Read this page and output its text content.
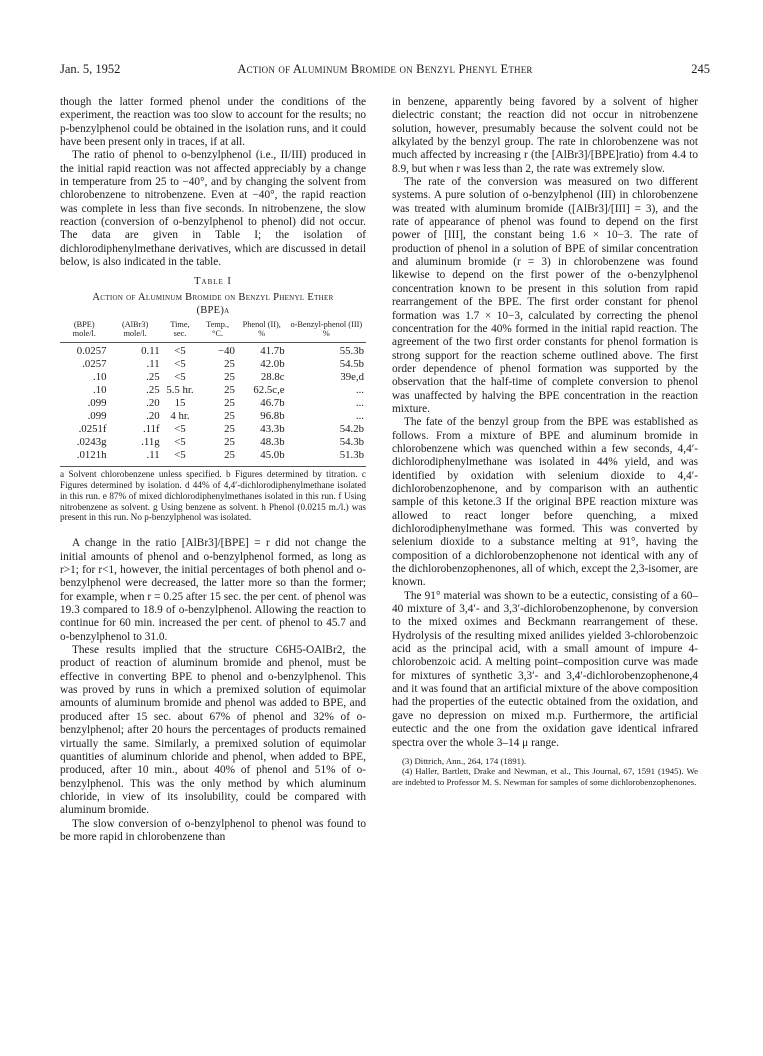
Jan. 5, 1952	Action of Aluminum Bromide on Benzyl Phenyl Ether	245

though the latter formed phenol under the conditions of the experiment, the reaction was too slow to account for the results; no p-benzylphenol could be obtained in the isolation runs, and it could have been present only in traces, if at all.

The ratio of phenol to o-benzylphenol (i.e., II/III) produced in the initial rapid reaction was not affected appreciably by a change in temperature from 25 to −40°, and by changing the solvent from chlorobenzene to nitrobenzene. Even at −40°, the rapid reaction was complete in less than five seconds. In nitrobenzene, the slow reaction (conversion of o-benzylphenol to phenol) did not occur. The data are given in Table I; the isolation of dichlorodiphenylmethane derivatives, which are discussed in detail below, is also indicated in the table.

Table I
Action of Aluminum Bromide on Benzyl Phenyl Ether
(BPE)a
(BPE) mole/l.	(AlBr3) mole/l.	Time, sec.	Temp., °C.	Phenol (II), %	o-Benzyl-phenol (III) %
0.0257	0.11	<5	−40	41.7b	55.3b
.0257	.11	<5	25	42.0b	54.5b
.10	.25	<5	25	28.8c	39e,d
.10	.25	5.5 hr.	25	62.5c,e	...
.099	.20	15	25	46.7b	...
.099	.20	4 hr.	25	96.8b	...
.0251f	.11f	<5	25	43.3b	54.2b
.0243g	.11g	<5	25	48.3b	54.3b
.0121h	.11	<5	25	45.0b	51.3b
a Solvent chlorobenzene unless specified. b Figures determined by titration. c Figures determined by isolation. d 44% of 4,4′-dichlorodiphenylmethane isolated in this run. e 87% of mixed dichlorodiphenylmethanes isolated in this run. f Using nitrobenzene as solvent. g Using benzene as solvent. h Phenol (0.0215 m./l.) was present in this run. No p-benzylphenol was isolated.

A change in the ratio [AlBr3]/[BPE] = r did not change the initial amounts of phenol and o-benzylphenol formed, as long as r>1; for r<1, however, the initial percentages of both phenol and o-benzylphenol were decreased, the latter more so than the former; for example, when r = 0.25 after 15 sec. the per cent. of phenol was 19.3 compared to 18.9 of o-benzylphenol. Allowing the reaction to continue for 60 min. increased the per cent. of phenol to 45.7 and o-benzylphenol to 31.0.

These results implied that the structure C6H5-OAlBr2, the product of reaction of aluminum bromide and phenol, must be effective in converting BPE to phenol and o-benzylphenol. This was proved by runs in which a premixed solution of equimolar amounts of aluminum bromide and phenol was added to BPE, and produced after 15 sec. about 67% of phenol and 32% of o-benzylphenol; after 20 hours the percentages of products remained virtually the same. Similarly, a premixed solution of equimolar quantities of aluminum chloride and phenol, when added to BPE, produced, after 10 min., about 40% of phenol and 51% of o-benzylphenol. This was the only method by which aluminum chloride, in view of its insolubility, could be compared with aluminum bromide.

The slow conversion of o-benzylphenol to phenol was found to be more rapid in chlorobenzene than

in benzene, apparently being favored by a solvent of higher dielectric constant; the reaction did not occur in nitrobenzene solution, however, presumably because the solvent could not be alkylated by the benzyl group. The rate in chlorobenzene was not much affected by increasing r (the [AlBr3]/[BPE]ratio) from 4.4 to 8.9, but when r was less than 2, the rate was extremely slow.

The rate of the conversion was measured on two different systems. A pure solution of o-benzylphenol (III) in chlorobenzene was treated with aluminum bromide ([AlBr3]/[III] = 3), and the rate of appearance of phenol was found to depend on the first power of [III], the constant being 1.6 × 10−3. The rate of production of phenol in a solution of BPE of similar concentration and aluminum bromide (r = 3) in chlorobenzene was found likewise to depend on the first power of the o-benzylphenol concentration known to be present in this solution from rapid rearrangement of the BPE. The first order constant for phenol formation was 1.7 × 10−3, calculated by correcting the phenol concentration for the 40% formed in the initial rapid reaction. The agreement of the two first order constants for phenol formation is strong support for the reaction scheme outlined above. The first order dependence of phenol formation was supported by the observation that the half-time of complete conversion to phenol was unaffected by halving the BPE concentration in the reaction mixture.

The fate of the benzyl group from the BPE was established as follows. From a mixture of BPE and aluminum bromide in chlorobenzene which was quenched within a few seconds, 4,4′-dichlorodiphenylmethane was isolated in 44% yield, and was identified by oxidation with selenium dioxide to 4,4′-dichlorobenzophenone, and by comparison with an authentic sample of this ketone.3 If the original BPE reaction mixture was allowed to react longer before quenching, a mixed dichlorodiphenylmethane was formed. This was converted by selenium dioxide to a substance melting at 91°, having the composition of a dichlorobenzophenone not identical with any of the dichlorobenzophenones, all of which, except the 2,3-isomer, are known.

The 91° material was shown to be a eutectic, consisting of a 60–40 mixture of 3,4′- and 3,3′-dichlorobenzophenone, by conversion to the mixed oximes and Beckmann rearrangement of these. Hydrolysis of the resulting mixed anilides yielded 3-chlorobenzoic acid as the principal acid, with a small amount of impure 4-chlorobenzoic acid. A melting point–composition curve was made for mixtures of synthetic 3,3′- and 3,4′-dichlorobenzophenone,4 and it was found that an artificial mixture of the above composition had the properties of the eutectic obtained from the oxidation, and gave no depression on mixed m.p. Furthermore, the artificial eutectic and the one from the oxidation gave identical infrared spectra over the whole 3–14 μ range.

(3) Dittrich, Ann., 264, 174 (1891).

(4) Haller, Bartlett, Drake and Newman, et al., This Journal, 67, 1591 (1945). We are indebted to Professor M. S. Newman for samples of some dichlorobenzophenones.
